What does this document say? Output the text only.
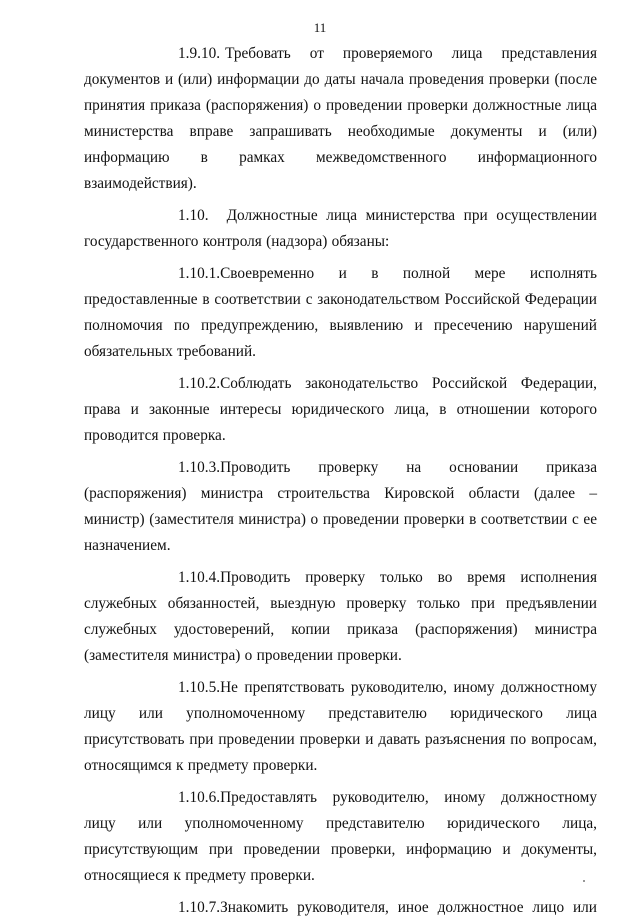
11

1.9.10. Требовать от проверяемого лица представления документов и (или) информации до даты начала проведения проверки (после принятия приказа (распоряжения) о проведении проверки должностные лица министерства вправе запрашивать необходимые документы и (или) информацию в рамках межведомственного информационного взаимодействия).

1.10. Должностные лица министерства при осуществлении государственного контроля (надзора) обязаны:

1.10.1.Своевременно и в полной мере исполнять предоставленные в соответствии с законодательством Российской Федерации полномочия по предупреждению, выявлению и пресечению нарушений обязательных требований.

1.10.2.Соблюдать законодательство Российской Федерации, права и законные интересы юридического лица, в отношении которого проводится проверка.

1.10.3.Проводить проверку на основании приказа (распоряжения) министра строительства Кировской области (далее – министр) (заместителя министра) о проведении проверки в соответствии с ее назначением.

1.10.4.Проводить проверку только во время исполнения служебных обязанностей, выездную проверку только при предъявлении служебных удостоверений, копии приказа (распоряжения) министра (заместителя министра) о проведении проверки.

1.10.5.Не препятствовать руководителю, иному должностному лицу или уполномоченному представителю юридического лица присутствовать при проведении проверки и давать разъяснения по вопросам, относящимся к предмету проверки.

1.10.6.Предоставлять руководителю, иному должностному лицу или уполномоченному представителю юридического лица, присутствующим при проведении проверки, информацию и документы, относящиеся к предмету проверки.

1.10.7.Знакомить руководителя, иное должностное лицо или
